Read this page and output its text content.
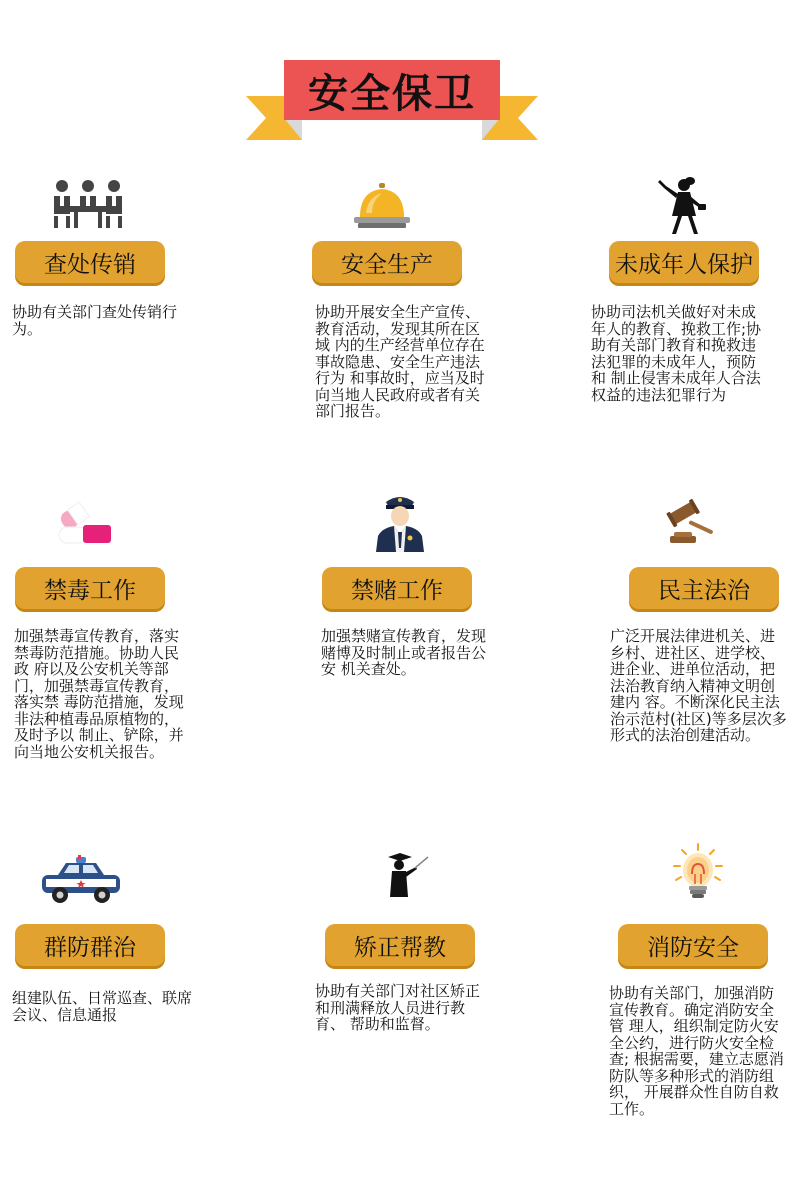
安全保卫
查处传销
协助有关部门查处传销行为。
安全生产
协助开展安全生产宣传、教育活动，发现其所在区域 内的生产经营单位存在事故隐患、安全生产违法行为 和事故时，应当及时向当地人民政府或者有关部门报告。
未成年人保护
协助司法机关做好对未成年人的教育、挽救工作;协 助有关部门教育和挽救违法犯罪的未成年人，预防和 制止侵害未成年人合法权益的违法犯罪行为
禁毒工作
加强禁毒宣传教育，落实禁毒防范措施。协助人民政 府以及公安机关等部门，加强禁毒宣传教育，落实禁 毒防范措施，发现非法种植毒品原植物的，及时予以 制止、铲除，并向当地公安机关报告。
禁赌工作
加强禁赌宣传教育，发现赌博及时制止或者报告公安 机关查处。
民主法治
广泛开展法律进机关、进乡村、进社区、进学校、进企业、进单位活动，把法治教育纳入精神文明创建内 容。不断深化民主法治示范村(社区)等多层次多形式的法治创建活动。
群防群治
组建队伍、日常巡查、联席会议、信息通报
矫正帮教
协助有关部门对社区矫正和刑满释放人员进行教育、 帮助和监督。
消防安全
协助有关部门，加强消防宣传教育。确定消防安全管 理人，组织制定防火安全公约，进行防火安全检查; 根据需要，建立志愿消防队等多种形式的消防组织， 开展群众性自防自救工作。
